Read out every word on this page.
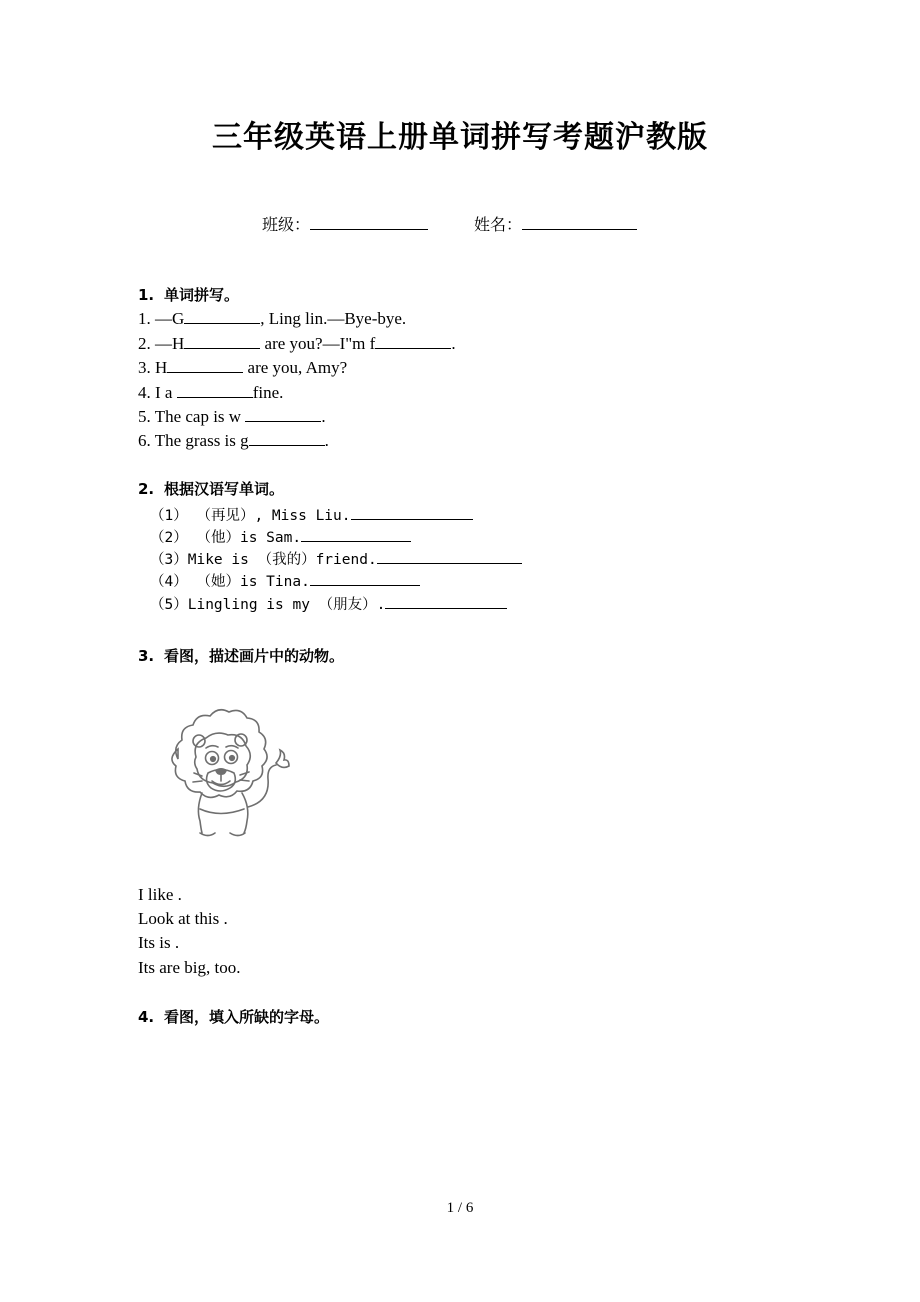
三年级英语上册单词拼写考题沪教版
班级：	姓名：
1. 单词拼写。
1. —G	, Ling lin.—Bye-bye.
2. —H	are you?—I"m f	.
3. H	are you, Amy?
4. I a	fine.
5. The cap is w	.
6. The grass is g	.
2. 根据汉语写单词。
（1） （再见）, Miss Liu.
（2） （他）is Sam.
（3）Mike is （我的）friend.
（4） （她）is Tina.
（5）Lingling is my （朋友）.
3. 看图，描述画片中的动物。
I like .
Look at this .
Its is .
Its are big, too.
4. 看图，填入所缺的字母。
1 / 6
